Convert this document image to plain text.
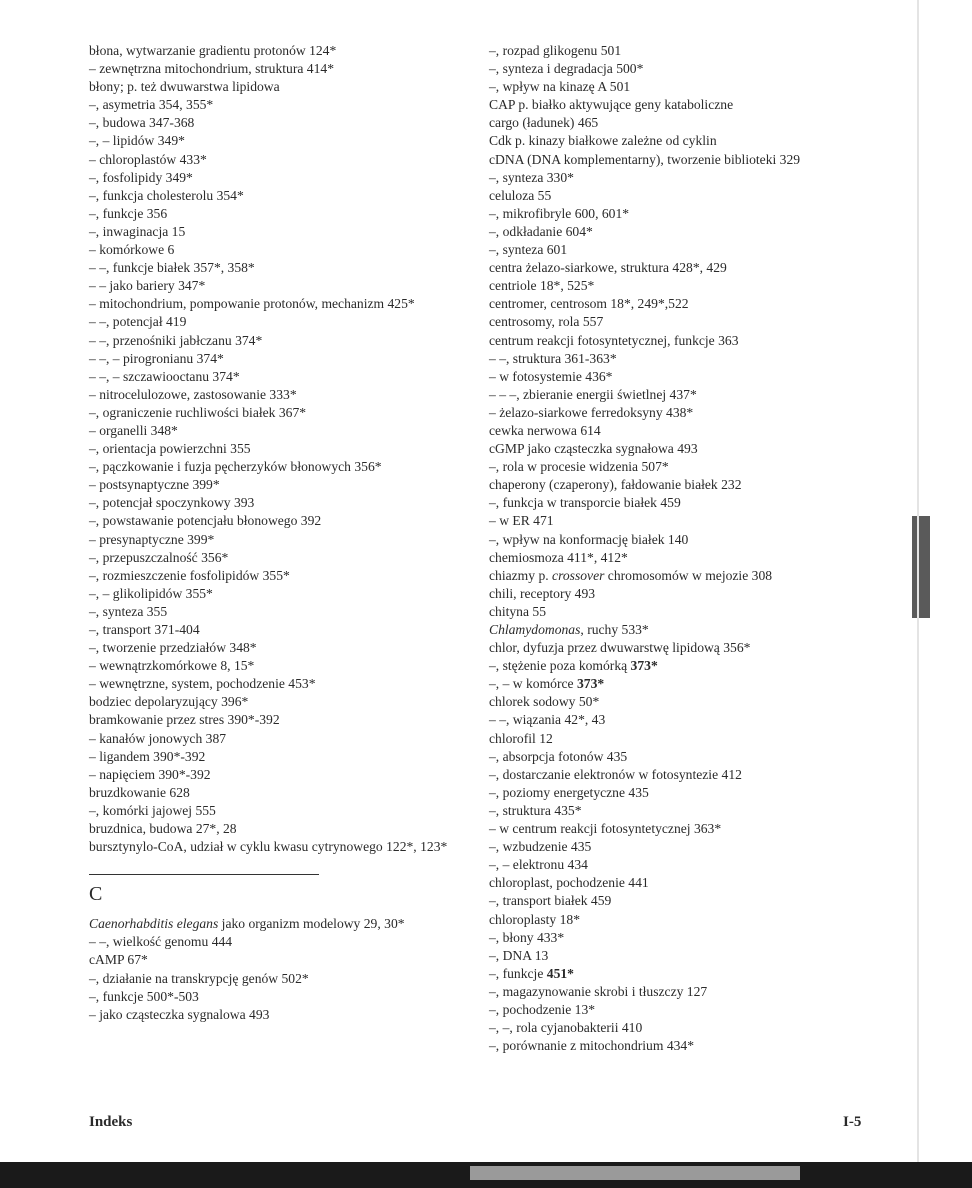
błona, wytwarzanie gradientu protonów 124*

– zewnętrzna mitochondrium, struktura 414*

błony; p. też dwuwarstwa lipidowa

–, asymetria 354, 355*

–, budowa 347-368

–, – lipidów 349*

– chloroplastów 433*

–, fosfolipidy 349*

–, funkcja cholesterolu 354*

–, funkcje 356

–, inwaginacja 15

– komórkowe 6

– –, funkcje białek 357*, 358*

– – jako bariery 347*

– mitochondrium, pompowanie protonów, mechanizm 425*

– –, potencjał 419

– –, przenośniki jabłczanu 374*

– –, – pirogronianu 374*

– –, – szczawiooctanu 374*

– nitrocelulozowe, zastosowanie 333*

–, ograniczenie ruchliwości białek 367*

– organelli 348*

–, orientacja powierzchni 355

–, pączkowanie i fuzja pęcherzyków błonowych 356*

– postsynaptyczne 399*

–, potencjał spoczynkowy 393

–, powstawanie potencjału błonowego 392

– presynaptyczne 399*

–, przepuszczalność 356*

–, rozmieszczenie fosfolipidów 355*

–, – glikolipidów 355*

–, synteza 355

–, transport 371-404

–, tworzenie przedziałów 348*

– wewnątrzkomórkowe 8, 15*

– wewnętrzne, system, pochodzenie 453*

bodziec depolaryzujący 396*

bramkowanie przez stres 390*-392

– kanałów jonowych 387

– ligandem 390*-392

– napięciem 390*-392

bruzdkowanie 628

–, komórki jajowej 555

bruzdnica, budowa 27*, 28

bursztynylo-CoA, udział w cyklu kwasu cytrynowego 122*, 123*

C

Caenorhabditis elegans jako organizm modelowy 29, 30*

– –, wielkość genomu 444

cAMP 67*

–, działanie na transkrypcję genów 502*

–, funkcje 500*-503

– jako cząsteczka sygnalowa 493

–, rozpad glikogenu 501

–, synteza i degradacja 500*

–, wpływ na kinazę A 501

CAP p. białko aktywujące geny kataboliczne

cargo (ładunek) 465

Cdk p. kinazy białkowe zależne od cyklin

cDNA (DNA komplementarny), tworzenie biblioteki 329

–, synteza 330*

celuloza 55

–, mikrofibryle 600, 601*

–, odkładanie 604*

–, synteza 601

centra żelazo-siarkowe, struktura 428*, 429

centriole 18*, 525*

centromer, centrosom 18*, 249*,522

centrosomy, rola 557

centrum reakcji fotosyntetycznej, funkcje 363

– –, struktura 361-363*

– w fotosystemie 436*

– – –, zbieranie energii świetlnej 437*

– żelazo-siarkowe ferredoksyny 438*

cewka nerwowa 614

cGMP jako cząsteczka sygnałowa 493

–, rola w procesie widzenia 507*

chaperony (czaperony), fałdowanie białek 232

–, funkcja w transporcie białek 459

– w ER 471

–, wpływ na konformację białek 140

chemiosmoza 411*, 412*

chiazmy p. crossover chromosomów w mejozie 308

chili, receptory 493

chityna 55

Chlamydomonas, ruchy 533*

chlor, dyfuzja przez dwuwarstwę lipidową 356*

–, stężenie poza komórką 373*

–, – w komórce 373*

chlorek sodowy 50*

– –, wiązania 42*, 43

chlorofil 12

–, absorpcja fotonów 435

–, dostarczanie elektronów w fotosyntezie 412

–, poziomy energetyczne 435

–, struktura 435*

– w centrum reakcji fotosyntetycznej 363*

–, wzbudzenie 435

–, – elektronu 434

chloroplast, pochodzenie 441

–, transport białek 459

chloroplasty 18*

–, błony 433*

–, DNA 13

–, funkcje 451*

–, magazynowanie skrobi i tłuszczy 127

–, pochodzenie 13*

–, –, rola cyjanobakterii 410

–, porównanie z mitochondrium 434*

Indeks	I-5
